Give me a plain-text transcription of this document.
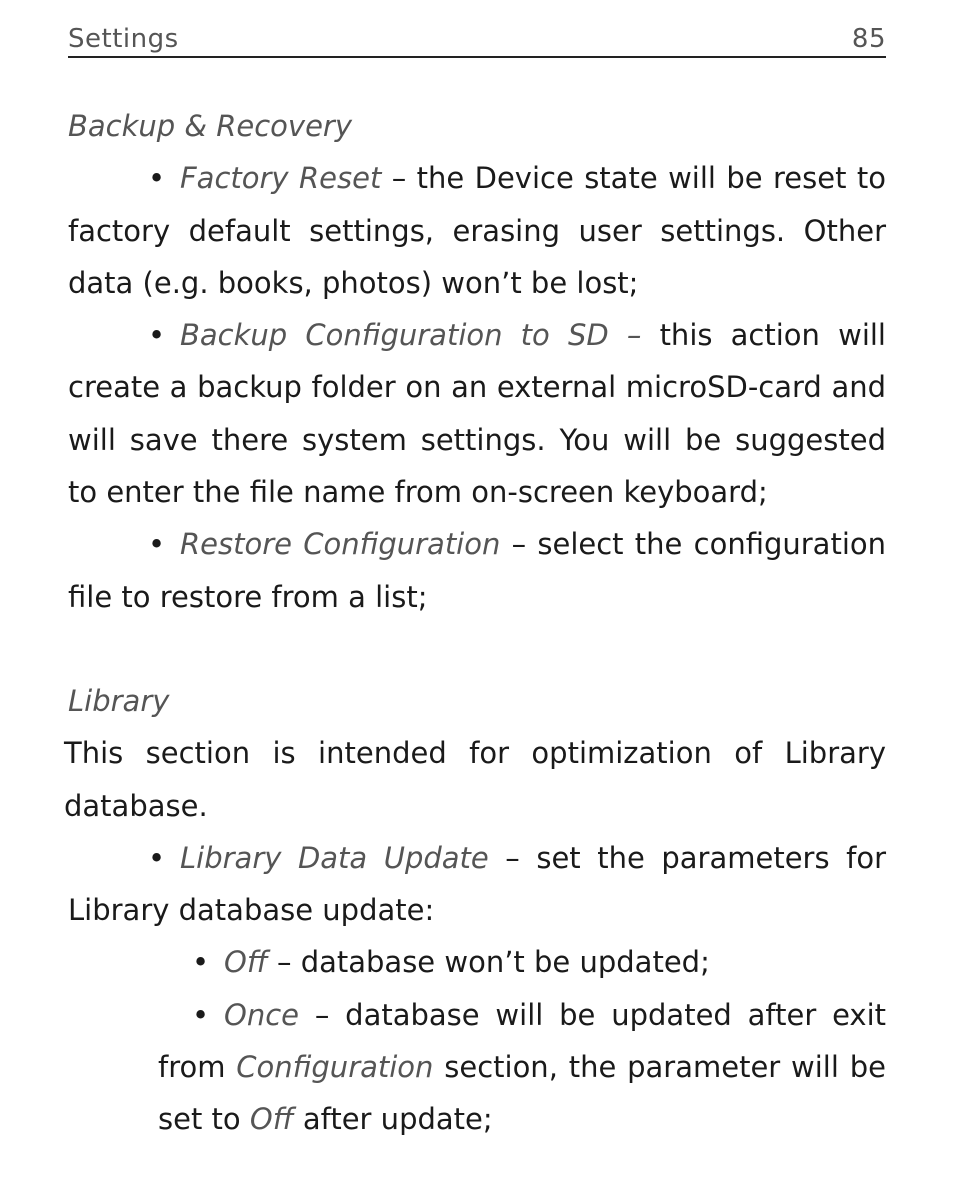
Settings	85

Backup & Recovery

• Factory Reset – the Device state will be reset to factory default settings, erasing user settings. Other data (e.g. books, photos) won’t be lost;

• Backup Configuration to SD – this action will create a backup folder on an external microSD-card and will save there system settings. You will be suggested to enter the file name from on-screen keyboard;

• Restore Configuration – select the configuration file to restore from a list;

Library

This section is intended for optimization of Library database.

• Library Data Update – set the parameters for Library database update:

• Off – database won’t be updated;

• Once – database will be updated after exit from Configuration section, the parameter will be set to Off after update;
